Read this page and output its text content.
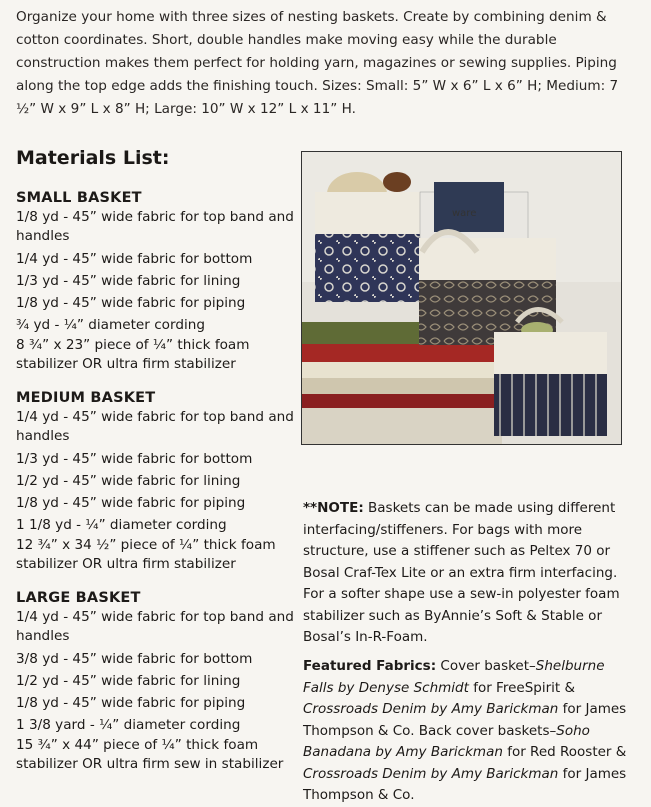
Organize your home with three sizes of nesting baskets. Create by combining denim & cotton coordinates. Short, double handles make moving easy while the durable construction makes them perfect for holding yarn, magazines or sewing supplies. Piping along the top edge adds the finishing touch. Sizes: Small: 5” W x 6” L x 6” H; Medium: 7 ½” W x 9” L x 8” H; Large: 10” W x 12” L x 11” H.

Materials List:
SMALL BASKET
1/8 yd - 45” wide fabric for top band and handles
1/4 yd - 45” wide fabric for bottom
1/3 yd - 45” wide fabric for lining
1/8 yd - 45” wide fabric for piping
¾ yd - ¼” diameter cording
8 ¾” x 23” piece of ¼” thick foam stabilizer OR ultra firm stabilizer
MEDIUM BASKET
1/4 yd - 45” wide fabric for top band and handles
1/3 yd - 45” wide fabric for bottom
1/2 yd - 45” wide fabric for lining
1/8 yd - 45” wide fabric for piping
1 1/8 yd - ¼” diameter cording
12 ¾” x 34 ½” piece of ¼” thick foam stabilizer OR ultra firm stabilizer
LARGE BASKET
1/4 yd - 45” wide fabric for top band and handles
3/8 yd - 45” wide fabric for bottom
1/2 yd - 45” wide fabric for lining
1/8 yd - 45” wide fabric for piping
1 3/8 yard - ¼” diameter cording
15 ¾” x 44” piece of ¼” thick foam stabilizer OR ultra firm sew in stabilizer
ware

**NOTE: Baskets can be made using different interfacing/stiffeners. For bags with more structure, use a stiffener such as Peltex 70 or Bosal Craf-Tex Lite or an extra firm interfacing. For a softer shape use a sew-in polyester foam stabilizer such as ByAnnie’s Soft & Stable or Bosal’s In-R-Foam.

Featured Fabrics: Cover basket–Shelburne Falls by Denyse Schmidt for FreeSpirit & Crossroads Denim by Amy Barickman for James Thompson & Co. Back cover baskets–Soho Banadana by Amy Barickman for Red Rooster & Crossroads Denim by Amy Barickman for James Thompson & Co.
